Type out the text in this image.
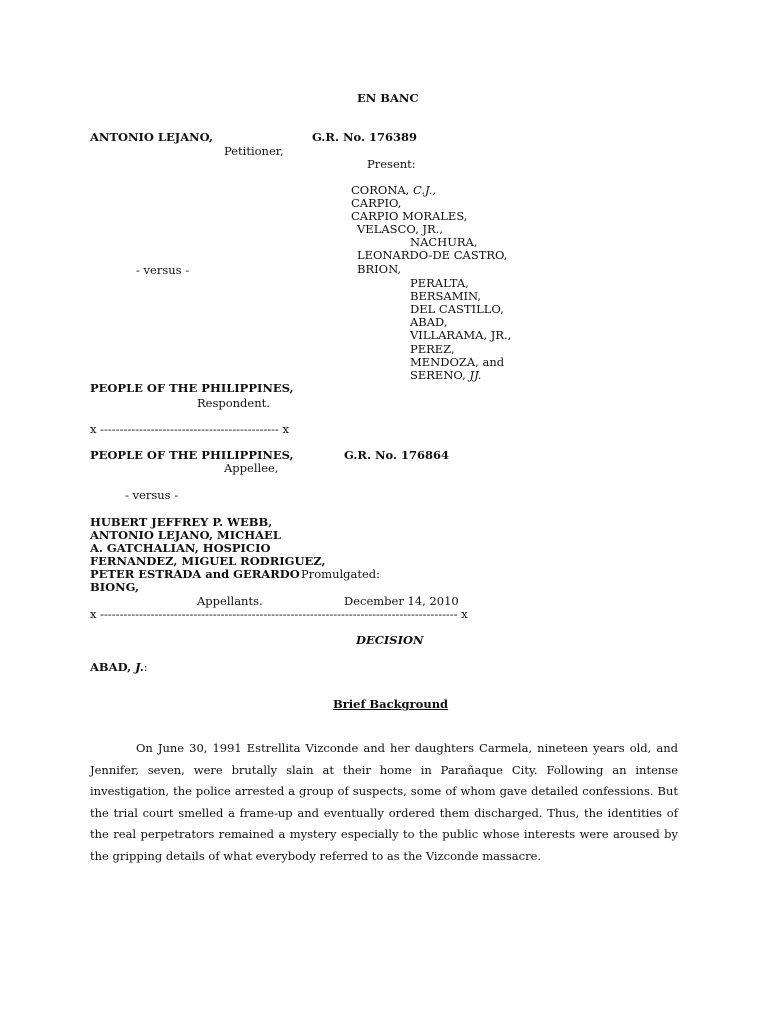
EN BANC
ANTONIO LEJANO,	G.R. No. 176389
Petitioner,
Present:
CORONA, C.J.,
CARPIO,
CARPIO MORALES,
VELASCO, JR.,
NACHURA,
LEONARDO-DE CASTRO,
BRION,
PERALTA,
BERSAMIN,
DEL CASTILLO,
ABAD,
VILLARAMA, JR.,
PEREZ,
MENDOZA, and
SERENO, JJ.
- versus -
PEOPLE OF THE PHILIPPINES,
Respondent.
x ---------------------------------------------- x
PEOPLE OF THE PHILIPPINES,	G.R. No. 176864
Appellee,
- versus -
HUBERT JEFFREY P. WEBB,
ANTONIO LEJANO, MICHAEL
A. GATCHALIAN, HOSPICIO
FERNANDEZ, MIGUEL RODRIGUEZ,
PETER ESTRADA and GERARDO Promulgated:
BIONG,
Appellants.	December 14, 2010
x -------------------------------------------------------------------------------------------- x
DECISION
ABAD, J.:
Brief Background
On June 30, 1991 Estrellita Vizconde and her daughters Carmela, nineteen years old, and Jennifer, seven, were brutally slain at their home in Parañaque City. Following an intense investigation, the police arrested a group of suspects, some of whom gave detailed confessions. But the trial court smelled a frame-up and eventually ordered them discharged. Thus, the identities of the real perpetrators remained a mystery especially to the public whose interests were aroused by the gripping details of what everybody referred to as the Vizconde massacre.
